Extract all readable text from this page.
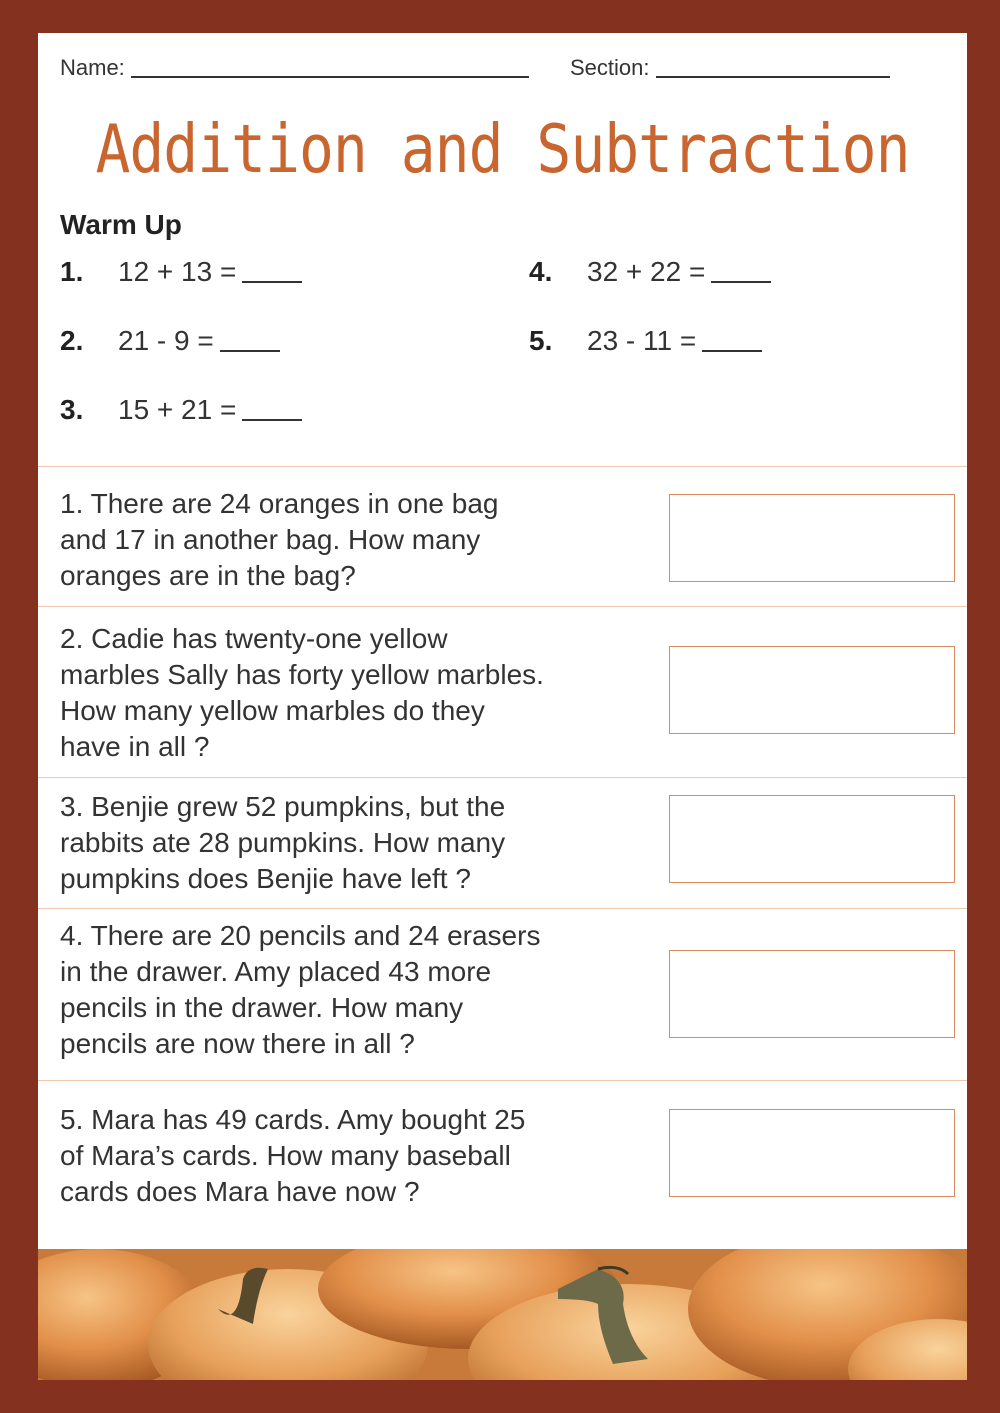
Name:	Section:
Addition and Subtraction
Warm Up
1. 12 + 13 =
2. 21 - 9 =
3. 15 + 21 =
4. 32 + 22 =
5. 23 - 11 =
1. There are 24 oranges in one bag
and 17 in another bag. How many
oranges are in the bag?
2. Cadie has twenty-one yellow
marbles Sally has forty yellow marbles.
How many yellow marbles do they
have in all ?
3. Benjie grew 52 pumpkins, but the
rabbits ate 28 pumpkins. How many
pumpkins does Benjie have left ?
4. There are 20 pencils and 24 erasers
in the drawer. Amy placed 43 more
pencils in the drawer. How many
pencils are now there in all ?
5. Mara has 49 cards. Amy bought 25
of Mara’s cards. How many baseball
cards does Mara have now ?
